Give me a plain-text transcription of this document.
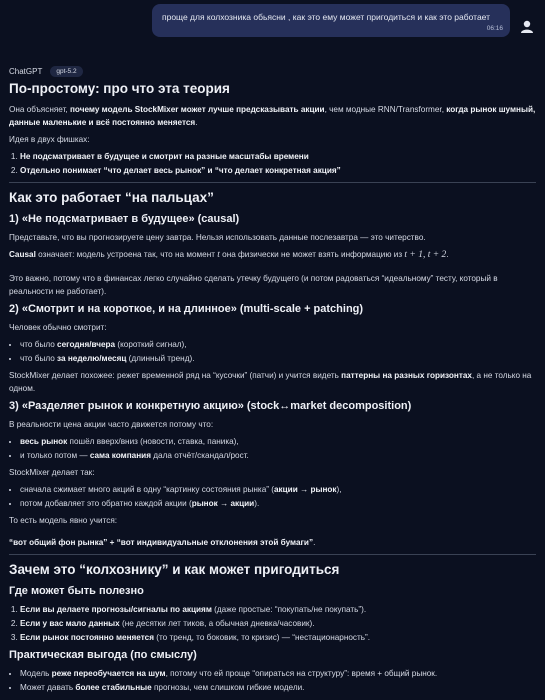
проще для колхозника обьясни , как это ему может пригодиться и как это работает
06:16
ChatGPT	gpt-5.2
По-простому: про что эта теория

Она объясняет, почему модель StockMixer может лучше предсказывать акции, чем модные RNN/Transformer, когда рынок шумный, данные маленькие и всё постоянно меняется.

Идея в двух фишках:

1. Не подсматривает в будущее и смотрит на разные масштабы времени
2. Отдельно понимает “что делает весь рынок” и “что делает конкретная акция”
Как это работает “на пальцах”
1) «Не подсматривает в будущее» (causal)

Представьте, что вы прогнозируете цену завтра. Нельзя использовать данные послезавтра — это читерство.

Causal означает: модель устроена так, что на момент t она физически не может взять информацию из t + 1, t + 2.

Это важно, потому что в финансах легко случайно сделать утечку будущего (и потом радоваться “идеальному” тесту, который в реальности не работает).

2) «Смотрит и на короткое, и на длинное» (multi-scale + patching)

Человек обычно смотрит:

• что было сегодня/вчера (короткий сигнал),
• что было за неделю/месяц (длинный тренд).

StockMixer делает похожее: режет временной ряд на “кусочки” (патчи) и учится видеть паттерны на разных горизонтах, а не только на одном.

3) «Разделяет рынок и конкретную акцию» (stock↔market decomposition)

В реальности цена акции часто движется потому что:

• весь рынок пошёл вверх/вниз (новости, ставка, паника),
• и только потом — сама компания дала отчёт/скандал/рост.

StockMixer делает так:

• сначала сжимает много акций в одну “картинку состояния рынка” (акции → рынок),
• потом добавляет это обратно каждой акции (рынок → акции).

То есть модель явно учится:

“вот общий фон рынка” + “вот индивидуальные отклонения этой бумаги”.

Зачем это “колхознику” и как может пригодиться
Где может быть полезно
1. Если вы делаете прогнозы/сигналы по акциям (даже простые: “покупать/не покупать”).
2. Если у вас мало данных (не десятки лет тиков, а обычная дневка/часовик).
3. Если рынок постоянно меняется (то тренд, то боковик, то кризис) — “нестационарность”.
Практическая выгода (по смыслу)
• Модель реже переобучается на шум, потому что ей проще “опираться на структуру”: время + общий рынок.
• Может давать более стабильные прогнозы, чем слишком гибкие модели.
